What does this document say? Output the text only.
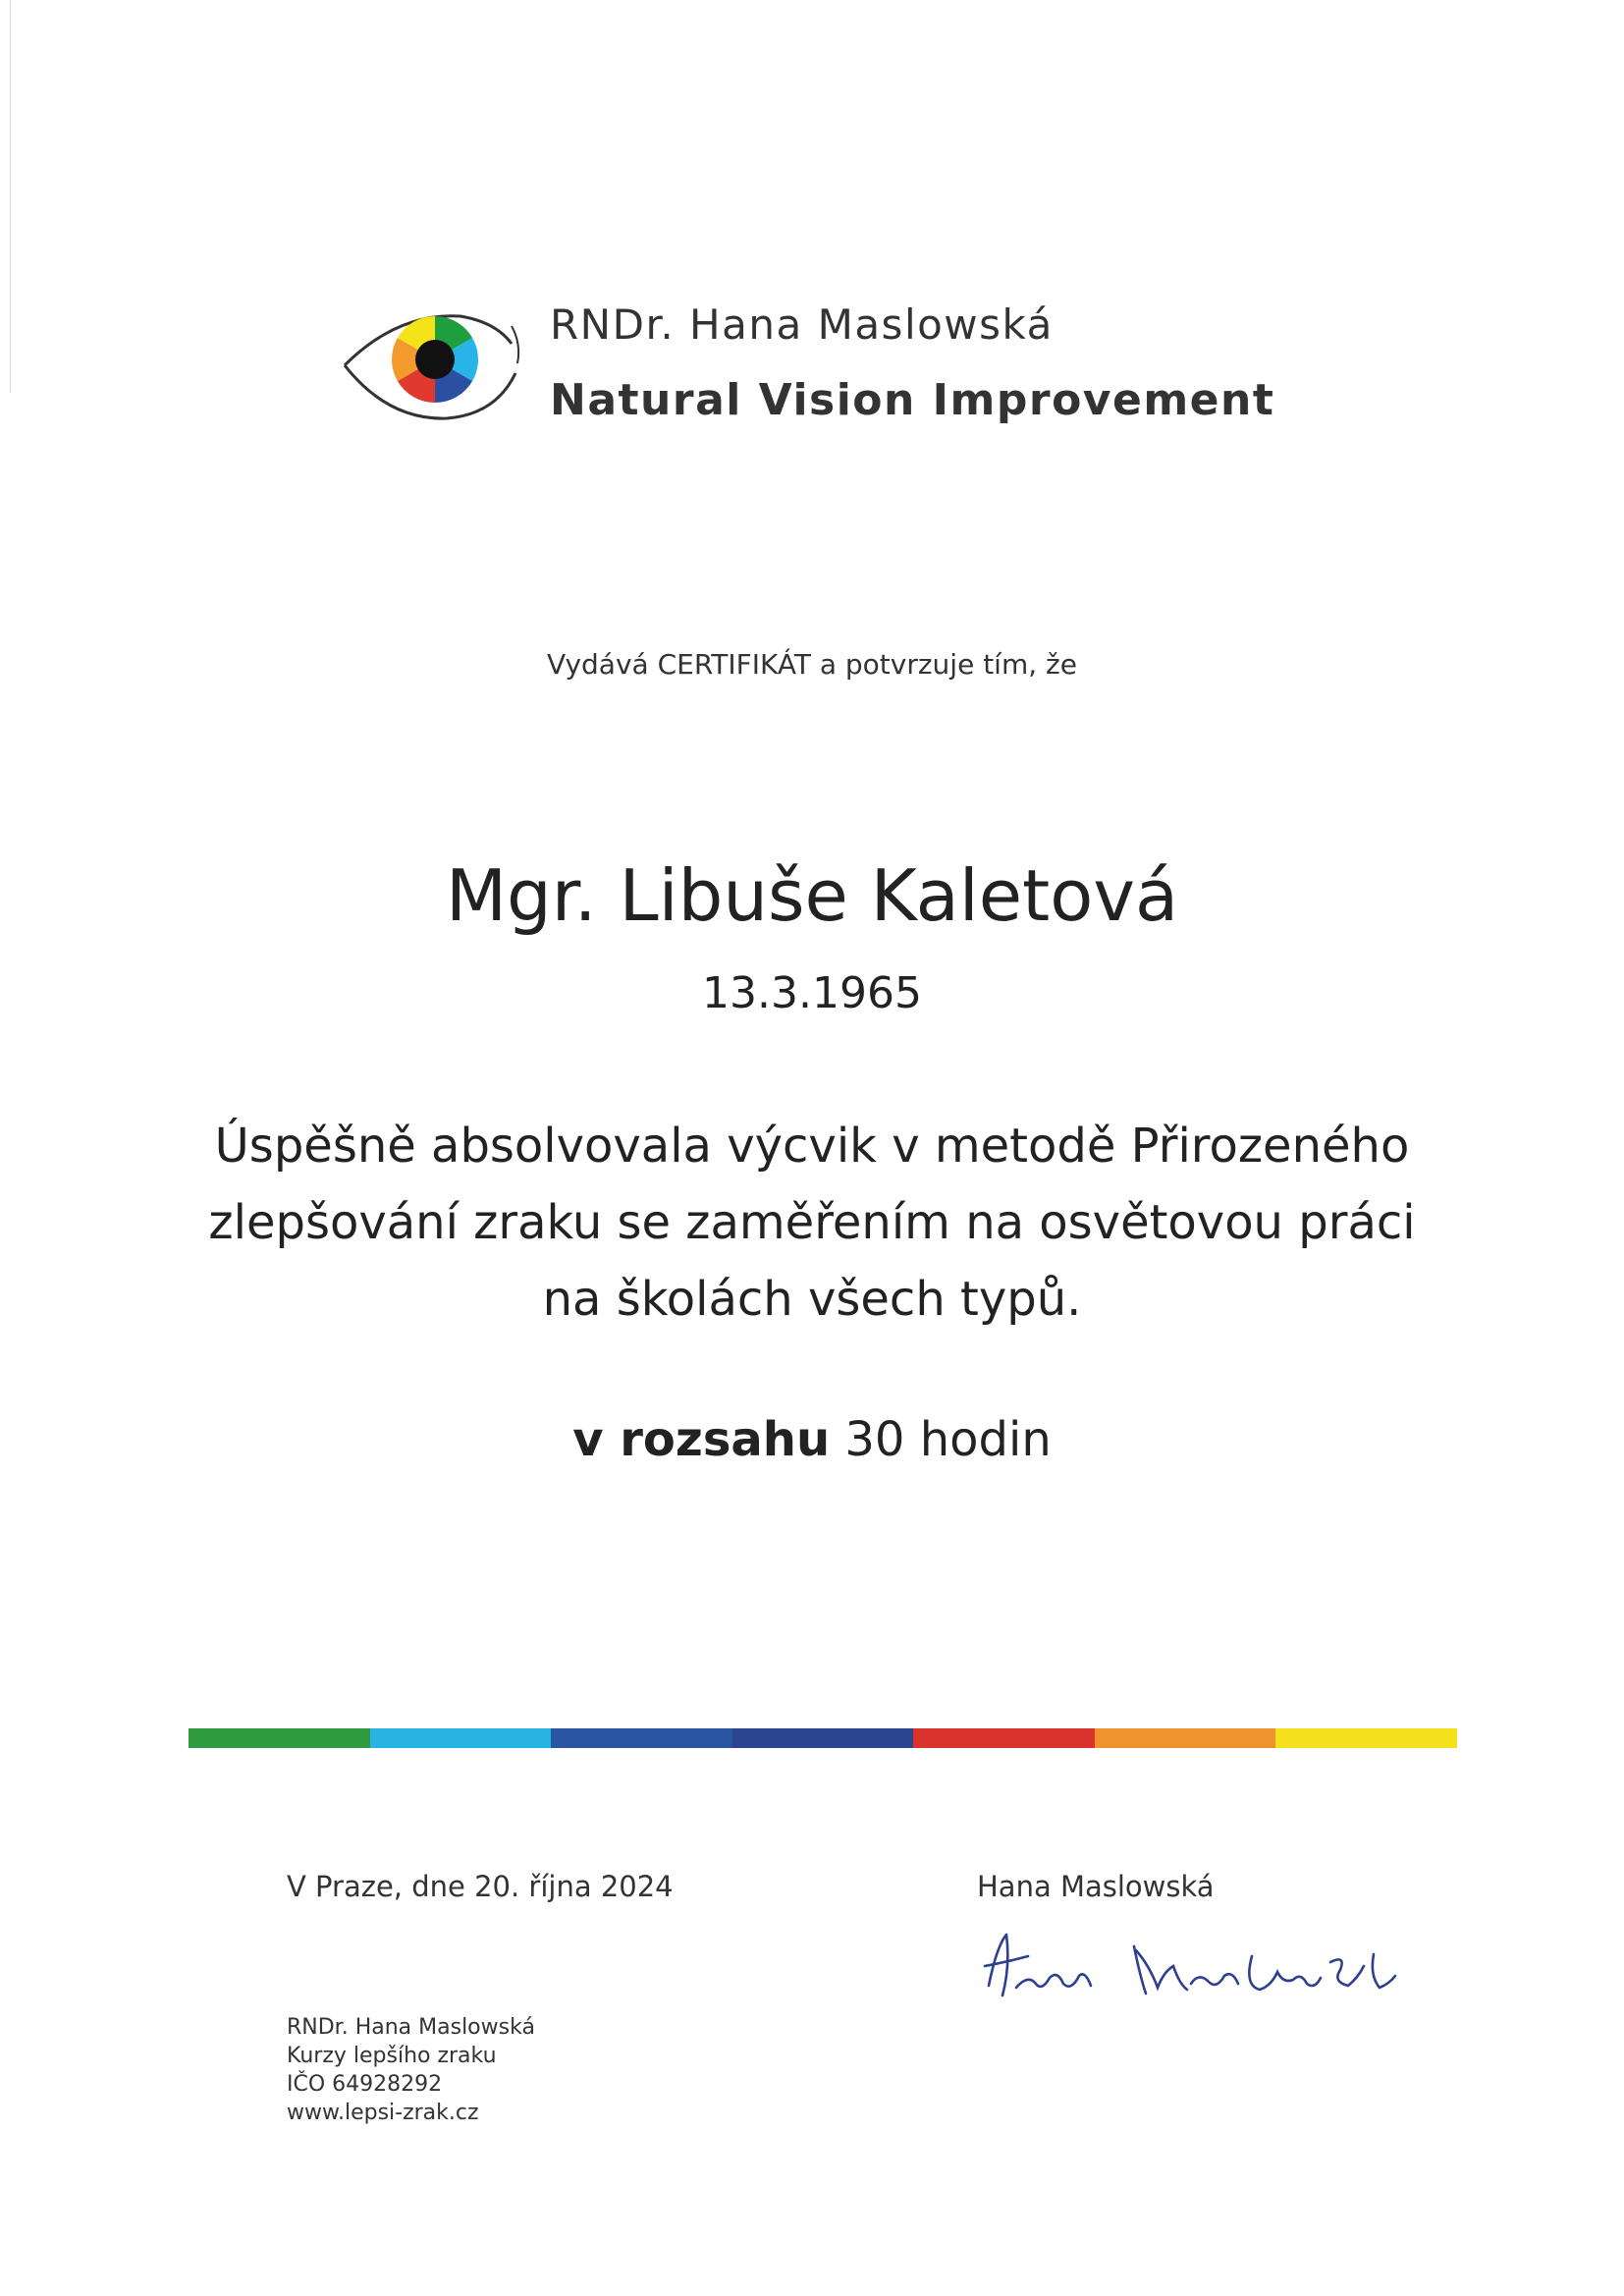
RNDr. Hana Maslowská
Natural Vision Improvement
Vydává CERTIFIKÁT a potvrzuje tím, že
Mgr. Libuše Kaletová
13.3.1965
Úspěšně absolvovala výcvik v metodě Přirozeného
zlepšování zraku se zaměřením na osvětovou práci
na školách všech typů.
v rozsahu 30 hodin
V Praze, dne 20. října 2024	Hana Maslowská
RNDr. Hana Maslowská
Kurzy lepšího zraku
IČO 64928292
www.lepsi-zrak.cz
